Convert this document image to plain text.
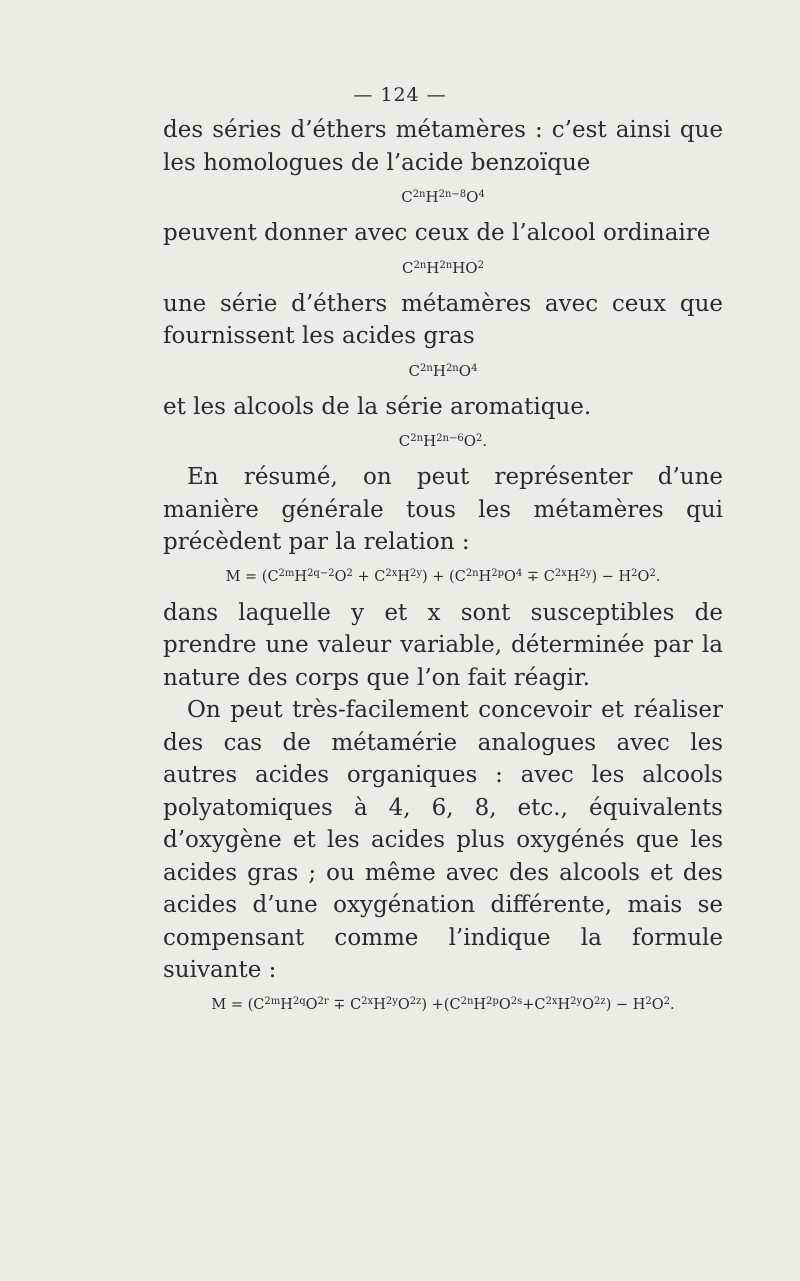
— 124 —

des séries d’éthers métamères : c’est ainsi que les homologues de l’acide benzoïque

$C^{2n}H^{2n-8}O^4$

peuvent donner avec ceux de l’alcool ordinaire

$C^{2n}H^{2n}HO^2$

une série d’éthers métamères avec ceux que fournissent les acides gras

$C^{2n}H^{2n}O^4$

et les alcools de la série aromatique.

$C^{2n}H^{2n-6}O^2$.

En résumé, on peut représenter d’une manière générale tous les métamères qui précèdent par la relation :

$M = (C^{2m}H^{2q-2}O^2 + C^{2x}H^{2y}) + (C^{2n}H^{2p}O^4 \mp C^{2x}H^{2y}) - H^2O^2$.

dans laquelle y et x sont susceptibles de prendre une valeur variable, déterminée par la nature des corps que l’on fait réagir.

On peut très-facilement concevoir et réaliser des cas de métamérie analogues avec les autres acides organiques : avec les alcools polyatomiques à 4, 6, 8, etc., équivalents d’oxygène et les acides plus oxygénés que les acides gras ; ou même avec des alcools et des acides d’une oxygénation différente, mais se compensant comme l’indique la formule suivante :

$M = (C^{2m}H^{2q}O^{2r} \mp C^{2x}H^{2y}O^{2z}) +(C^{2n}H^{2p}O^{2s}+C^{2x}H^{2y}O^{2z}) - H^2O^2$.
